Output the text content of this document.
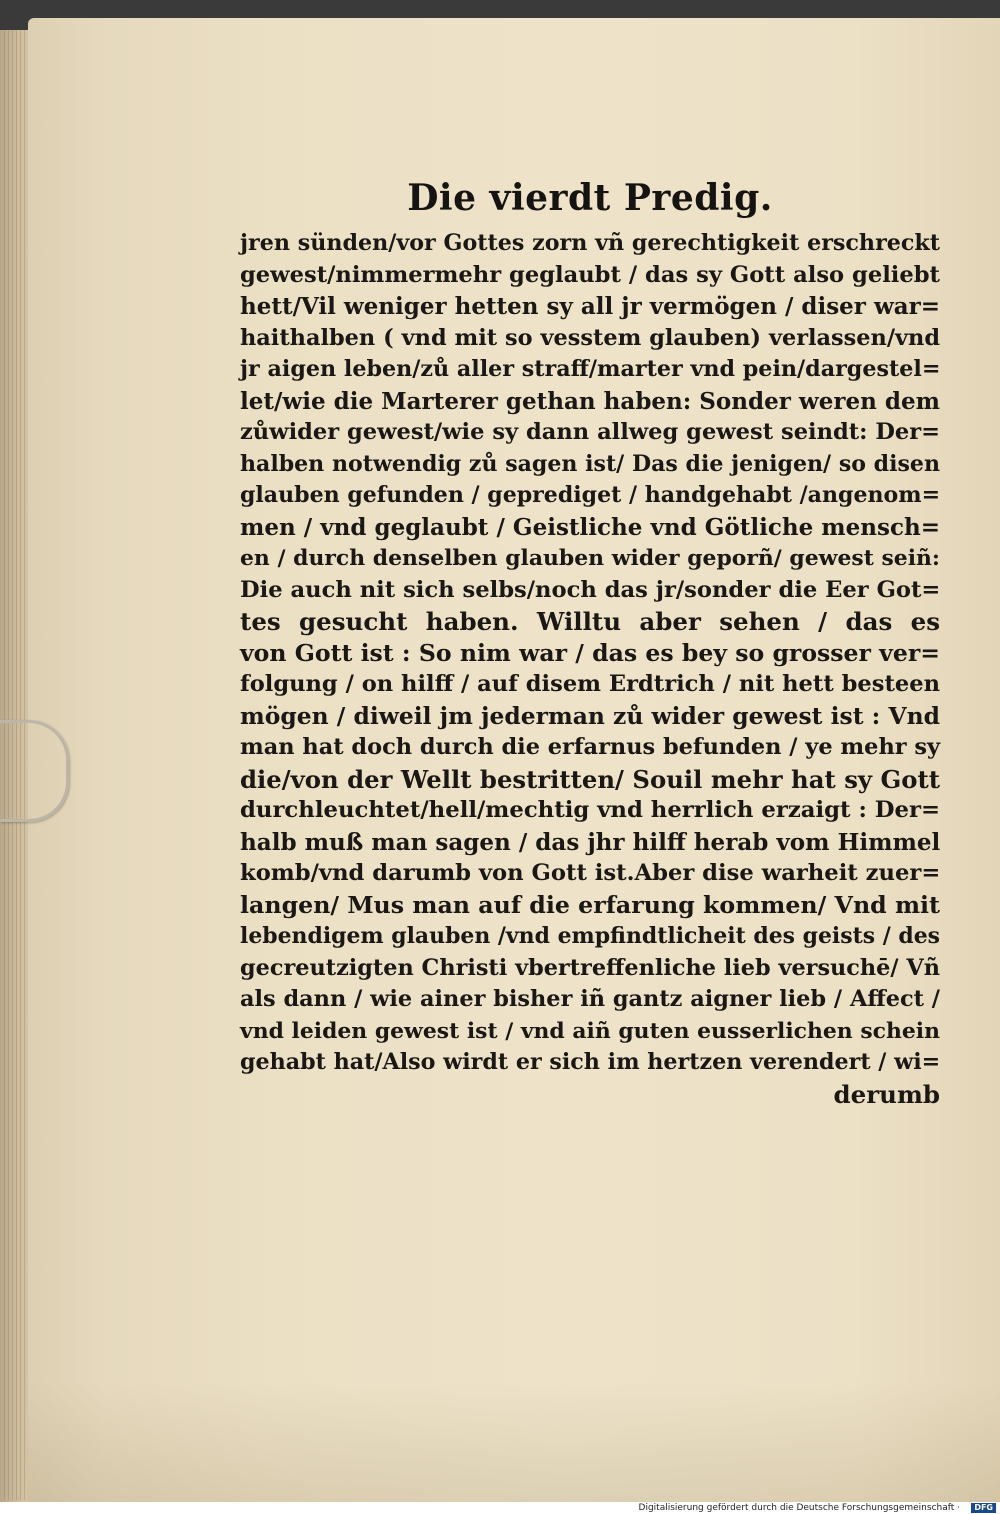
Die vierdt Predig.
jren sünden/vor Gottes zorn vñ gerechtigkeit erschreckt
gewest/nimmermehr geglaubt / das sy Gott also geliebt
hett/Vil weniger hetten sy all jr vermögen / diser war=
haithalben ( vnd mit so vesstem glauben) verlassen/vnd
jr aigen leben/zů aller straff/marter vnd pein/dargestel=
let/wie die Marterer gethan haben: Sonder weren dem
zůwider gewest/wie sy dann allweg gewest seindt: Der=
halben notwendig zů sagen ist/ Das die jenigen/ so disen
glauben gefunden / geprediget / handgehabt /angenom=
men / vnd geglaubt / Geistliche vnd Götliche mensch=
en / durch denselben glauben wider geporñ/ gewest seiñ:
Die auch nit sich selbs/noch das jr/sonder die Eer Got=
tes gesucht haben. Willtu aber sehen / das es
von Gott ist : So nim war / das es bey so grosser ver=
folgung / on hilff / auf disem Erdtrich / nit hett besteen
mögen / diweil jm jederman zů wider gewest ist : Vnd
man hat doch durch die erfarnus befunden / ye mehr sy
die/von der Wellt bestritten/ Souil mehr hat sy Gott
durchleuchtet/hell/mechtig vnd herrlich erzaigt : Der=
halb muß man sagen / das jhr hilff herab vom Himmel
komb/vnd darumb von Gott ist.Aber dise warheit zuer=
langen/ Mus man auf die erfarung kommen/ Vnd mit
lebendigem glauben /vnd empfindtlicheit des geists / des
gecreutzigten Christi vbertreffenliche lieb versuchē/ Vñ
als dann / wie ainer bisher iñ gantz aigner lieb / Affect /
vnd leiden gewest ist / vnd aiñ guten eusserlichen schein
gehabt hat/Also wirdt er sich im hertzen verendert / wi=
derumb
Digitalisierung gefördert durch die Deutsche Forschungsgemeinschaft ·	DFG
